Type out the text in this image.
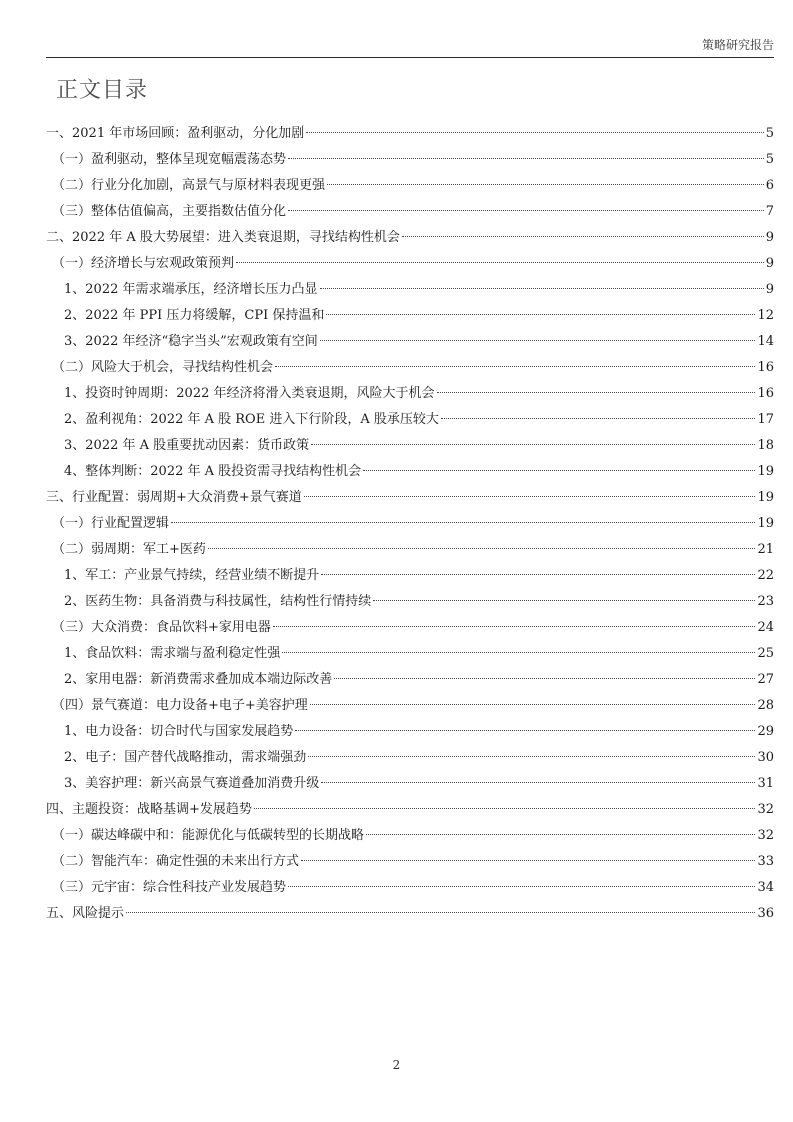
策略研究报告
正文目录
一、2021 年市场回顾：盈利驱动，分化加剧	5
（一）盈利驱动，整体呈现宽幅震荡态势	5
（二）行业分化加剧，高景气与原材料表现更强	6
（三）整体估值偏高，主要指数估值分化	7
二、2022 年 A 股大势展望：进入类衰退期，寻找结构性机会	9
（一）经济增长与宏观政策预判	9
1、2022 年需求端承压，经济增长压力凸显	9
2、2022 年 PPI 压力将缓解，CPI 保持温和	12
3、2022 年经济“稳字当头”宏观政策有空间	14
（二）风险大于机会，寻找结构性机会	16
1、投资时钟周期：2022 年经济将滑入类衰退期，风险大于机会	16
2、盈利视角：2022 年 A 股 ROE 进入下行阶段，A 股承压较大	17
3、2022 年 A 股重要扰动因素：货币政策	18
4、整体判断：2022 年 A 股投资需寻找结构性机会	19
三、行业配置：弱周期+大众消费+景气赛道	19
（一）行业配置逻辑	19
（二）弱周期：军工+医药	21
1、军工：产业景气持续，经营业绩不断提升	22
2、医药生物：具备消费与科技属性，结构性行情持续	23
（三）大众消费：食品饮料+家用电器	24
1、食品饮料：需求端与盈利稳定性强	25
2、家用电器：新消费需求叠加成本端边际改善	27
（四）景气赛道：电力设备+电子+美容护理	28
1、电力设备：切合时代与国家发展趋势	29
2、电子：国产替代战略推动，需求端强劲	30
3、美容护理：新兴高景气赛道叠加消费升级	31
四、主题投资：战略基调+发展趋势	32
（一）碳达峰碳中和：能源优化与低碳转型的长期战略	32
（二）智能汽车：确定性强的未来出行方式	33
（三）元宇宙：综合性科技产业发展趋势	34
五、风险提示	36
2
